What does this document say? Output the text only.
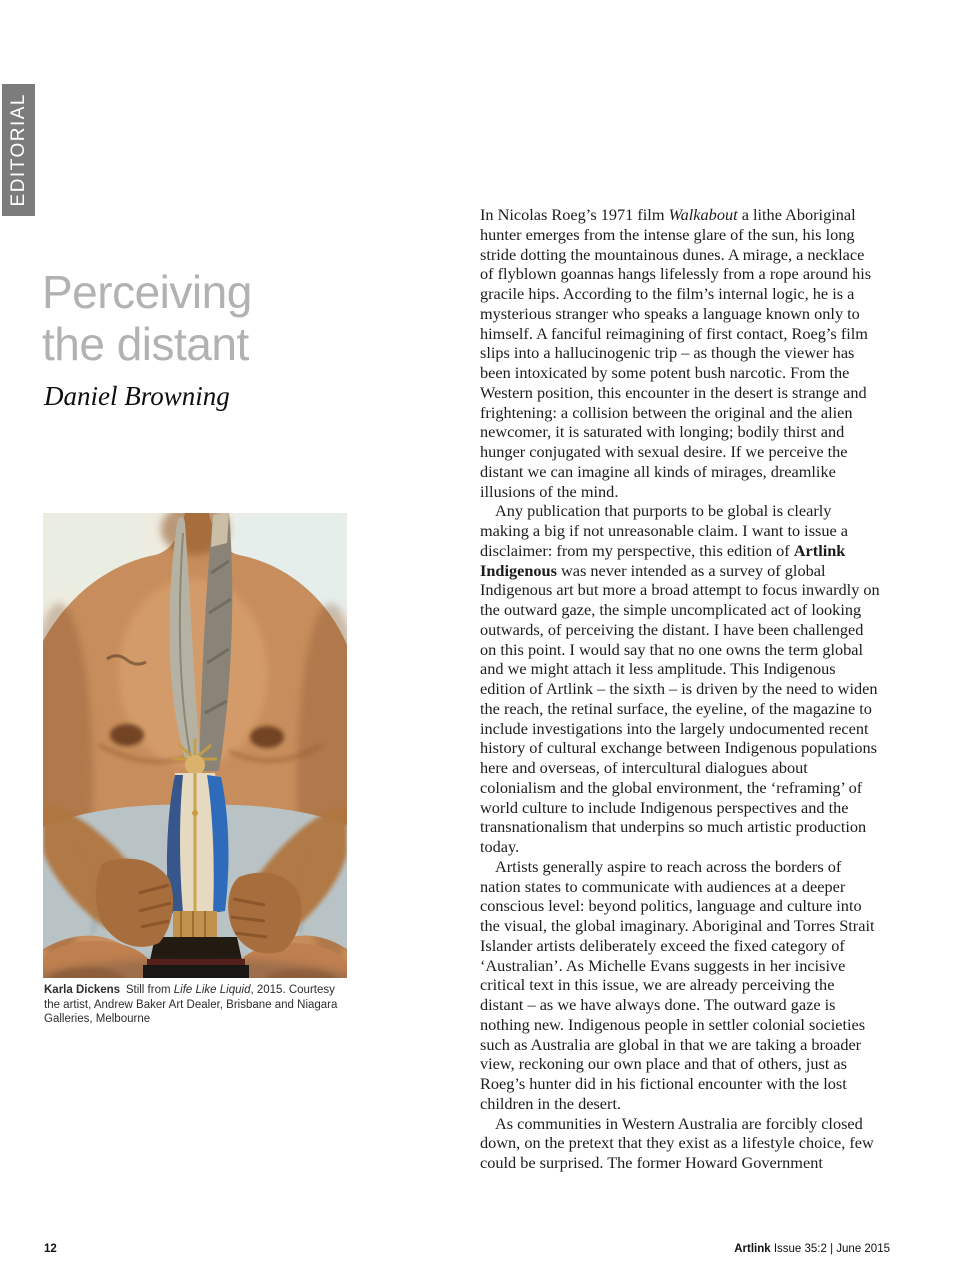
EDITORIAL
Perceiving
the distant
Daniel Browning
Karla Dickens Still from Life Like Liquid, 2015. Courtesy the artist, Andrew Baker Art Dealer, Brisbane and Niagara Galleries, Melbourne

In Nicolas Roeg’s 1971 film Walkabout a lithe Aboriginal hunter emerges from the intense glare of the sun, his long stride dotting the mountainous dunes. A mirage, a necklace of flyblown goannas hangs lifelessly from a rope around his gracile hips. According to the film’s internal logic, he is a mysterious stranger who speaks a language known only to himself. A fanciful reimagining of first contact, Roeg’s film slips into a hallucinogenic trip – as though the viewer has been intoxicated by some potent bush narcotic. From the Western position, this encounter in the desert is strange and frightening: a collision between the original and the alien newcomer, it is saturated with longing; bodily thirst and hunger conjugated with sexual desire. If we perceive the distant we can imagine all kinds of mirages, dreamlike illusions of the mind.

Any publication that purports to be global is clearly making a big if not unreasonable claim. I want to issue a disclaimer: from my perspective, this edition of Artlink Indigenous was never intended as a survey of global Indigenous art but more a broad attempt to focus inwardly on the outward gaze, the simple uncomplicated act of looking outwards, of perceiving the distant. I have been challenged on this point. I would say that no one owns the term global and we might attach it less amplitude. This Indigenous edition of Artlink – the sixth – is driven by the need to widen the reach, the retinal surface, the eyeline, of the magazine to include investigations into the largely undocumented recent history of cultural exchange between Indigenous populations here and overseas, of intercultural dialogues about colonialism and the global environment, the ‘reframing’ of world culture to include Indigenous perspectives and the transnationalism that underpins so much artistic production today.

Artists generally aspire to reach across the borders of nation states to communicate with audiences at a deeper conscious level: beyond politics, language and culture into the visual, the global imaginary. Aboriginal and Torres Strait Islander artists deliberately exceed the fixed category of ‘Australian’. As Michelle Evans suggests in her incisive critical text in this issue, we are already perceiving the distant – as we have always done. The outward gaze is nothing new. Indigenous people in settler colonial societies such as Australia are global in that we are taking a broader view, reckoning our own place and that of others, just as Roeg’s hunter did in his fictional encounter with the lost children in the desert.

As communities in Western Australia are forcibly closed down, on the pretext that they exist as a lifestyle choice, few could be surprised. The former Howard Government

12	Artlink Issue 35:2 | June 2015
